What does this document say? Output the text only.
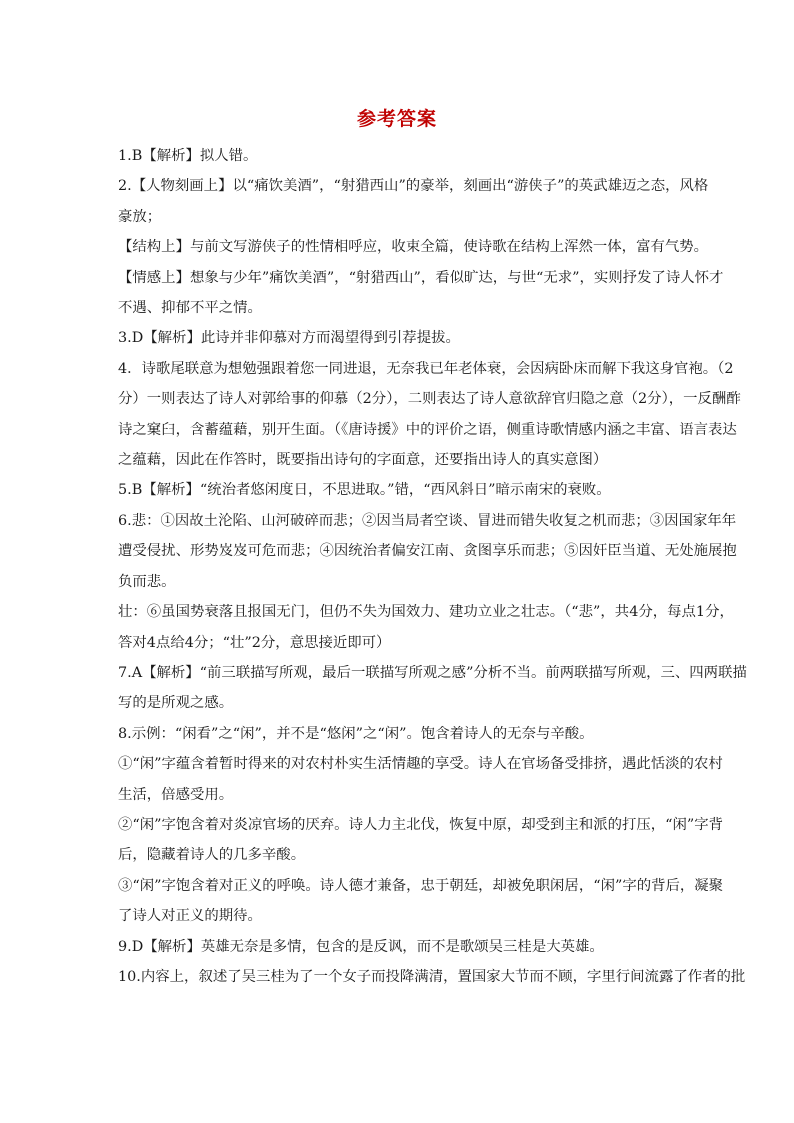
参考答案
1.B【解析】拟人错。
2.【人物刻画上】以“痛饮美酒”，“射猎西山”的豪举，刻画出“游侠子”的英武雄迈之态，风格
豪放；
【结构上】与前文写游侠子的性情相呼应，收束全篇，使诗歌在结构上浑然一体，富有气势。
【情感上】想象与少年”痛饮美酒”，“射猎西山”，看似旷达，与世“无求”，实则抒发了诗人怀才
不遇、抑郁不平之情。
3.D【解析】此诗并非仰慕对方而渴望得到引荐提拔。
4．诗歌尾联意为想勉强跟着您一同进退，无奈我已年老体衰，会因病卧床而解下我这身官袍。（2
分）一则表达了诗人对郭给事的仰慕（2分），二则表达了诗人意欲辞官归隐之意（2分），一反酬酢
诗之窠臼，含蓄蕴藉，别开生面。（《唐诗援》中的评价之语，侧重诗歌情感内涵之丰富、语言表达
之蕴藉，因此在作答时，既要指出诗句的字面意，还要指出诗人的真实意图）
5.B【解析】“统治者悠闲度日，不思进取。”错，“西风斜日”暗示南宋的衰败。
6.悲：①因故土沦陷、山河破碎而悲；②因当局者空谈、冒进而错失收复之机而悲；③因国家年年
遭受侵扰、形势岌岌可危而悲；④因统治者偏安江南、贪图享乐而悲；⑤因奸臣当道、无处施展抱
负而悲。
壮：⑥虽国势衰落且报国无门，但仍不失为国效力、建功立业之壮志。（“悲”，共4分，每点1分，
答对4点给4分；“壮”2分，意思接近即可）
7.A【解析】“前三联描写所观，最后一联描写所观之感”分析不当。前两联描写所观，三、四两联描
写的是所观之感。
8.示例：“闲看”之“闲”，并不是“悠闲”之“闲”。饱含着诗人的无奈与辛酸。
①“闲”字蕴含着暂时得来的对农村朴实生活情趣的享受。诗人在官场备受排挤，遇此恬淡的农村
生活，倍感受用。
②“闲”字饱含着对炎凉官场的厌弃。诗人力主北伐，恢复中原，却受到主和派的打压，“闲”字背
后，隐藏着诗人的几多辛酸。
③“闲”字饱含着对正义的呼唤。诗人德才兼备，忠于朝廷，却被免职闲居，“闲”字的背后，凝聚
了诗人对正义的期待。
9.D【解析】英雄无奈是多情，包含的是反讽，而不是歌颂吴三桂是大英雄。
10.内容上，叙述了吴三桂为了一个女子而投降满清，置国家大节而不顾，字里行间流露了作者的批
